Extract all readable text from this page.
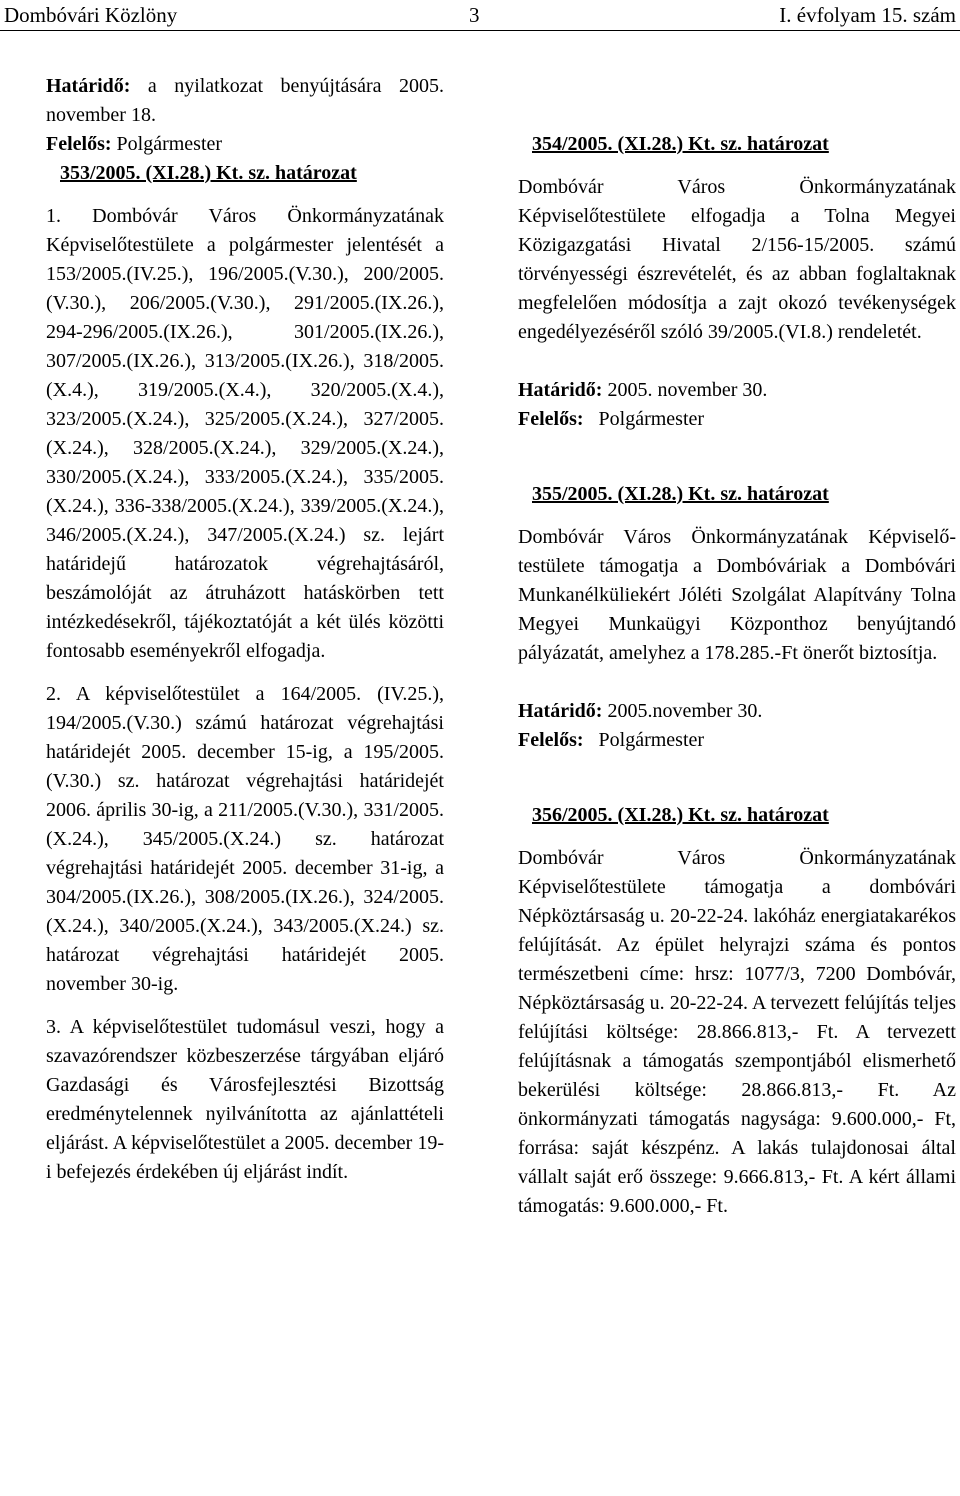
Dombóvári Közlöny	3	I. évfolyam 15. szám

Határidő: a nyilatkozat benyújtására 2005. november 18.

Felelős: Polgármester

353/2005. (XI.28.) Kt. sz. határozat

1. Dombóvár Város Önkormányzatának Képviselőtestülete a polgármester jelentését a 153/2005.(IV.25.), 196/2005.(V.30.), 200/2005.(V.30.), 206/2005.(V.30.), 291/2005.(IX.26.), 294-296/2005.(IX.26.), 301/2005.(IX.26.), 307/2005.(IX.26.), 313/2005.(IX.26.), 318/2005.(X.4.), 319/2005.(X.4.), 320/2005.(X.4.), 323/2005.(X.24.), 325/2005.(X.24.), 327/2005.(X.24.), 328/2005.(X.24.), 329/2005.(X.24.), 330/2005.(X.24.), 333/2005.(X.24.), 335/2005.(X.24.), 336-338/2005.(X.24.), 339/2005.(X.24.), 346/2005.(X.24.), 347/2005.(X.24.) sz. lejárt határidejű határozatok végrehajtásáról, beszámolóját az átruházott hatáskörben tett intézkedésekről, tájékoztatóját a két ülés közötti fontosabb eseményekről elfogadja.

2. A képviselőtestület a 164/2005. (IV.25.), 194/2005.(V.30.) számú határozat végrehajtási határidejét 2005. december 15-ig, a 195/2005.(V.30.) sz. határozat végrehajtási határidejét 2006. április 30-ig, a 211/2005.(V.30.), 331/2005.(X.24.), 345/2005.(X.24.) sz. határozat végrehajtási határidejét 2005. december 31-ig, a 304/2005.(IX.26.), 308/2005.(IX.26.), 324/2005.(X.24.), 340/2005.(X.24.), 343/2005.(X.24.) sz. határozat végrehajtási határidejét 2005. november 30-ig.

3. A képviselőtestület tudomásul veszi, hogy a szavazórendszer közbeszerzése tárgyában eljáró Gazdasági és Városfejlesztési Bizottság eredménytelennek nyilvánította az ajánlattételi eljárást. A képviselőtestület a 2005. december 19-i befejezés érdekében új eljárást indít.

354/2005. (XI.28.) Kt. sz. határozat

Dombóvár Város Önkormányzatának Képviselőtestülete elfogadja a Tolna Megyei Közigazgatási Hivatal 2/156-15/2005. számú törvényességi észrevételét, és az abban foglaltaknak megfelelően módosítja a zajt okozó tevékenységek engedélyezéséről szóló 39/2005.(VI.8.) rendeletét.

Határidő: 2005. november 30.

Felelős: Polgármester

355/2005. (XI.28.) Kt. sz. határozat

Dombóvár Város Önkormányzatának Képviselő-testülete támogatja a Dombóváriak a Dombóvári Munkanélküliekért Jóléti Szolgálat Alapítvány Tolna Megyei Munkaügyi Központhoz benyújtandó pályázatát, amelyhez a 178.285.-Ft önerőt biztosítja.

Határidő: 2005.november 30.

Felelős: Polgármester

356/2005. (XI.28.) Kt. sz. határozat

Dombóvár Város Önkormányzatának Képviselőtestülete támogatja a dombóvári Népköztársaság u. 20-22-24. lakóház energiatakarékos felújítását. Az épület helyrajzi száma és pontos természetbeni címe: hrsz: 1077/3, 7200 Dombóvár, Népköztársaság u. 20-22-24. A tervezett felújítás teljes felújítási költsége: 28.866.813,- Ft. A tervezett felújításnak a támogatás szempontjából elismerhető bekerülési költsége: 28.866.813,- Ft. Az önkormányzati támogatás nagysága: 9.600.000,- Ft, forrása: saját készpénz. A lakás tulajdonosai által vállalt saját erő összege: 9.666.813,- Ft. A kért állami támogatás: 9.600.000,- Ft.
